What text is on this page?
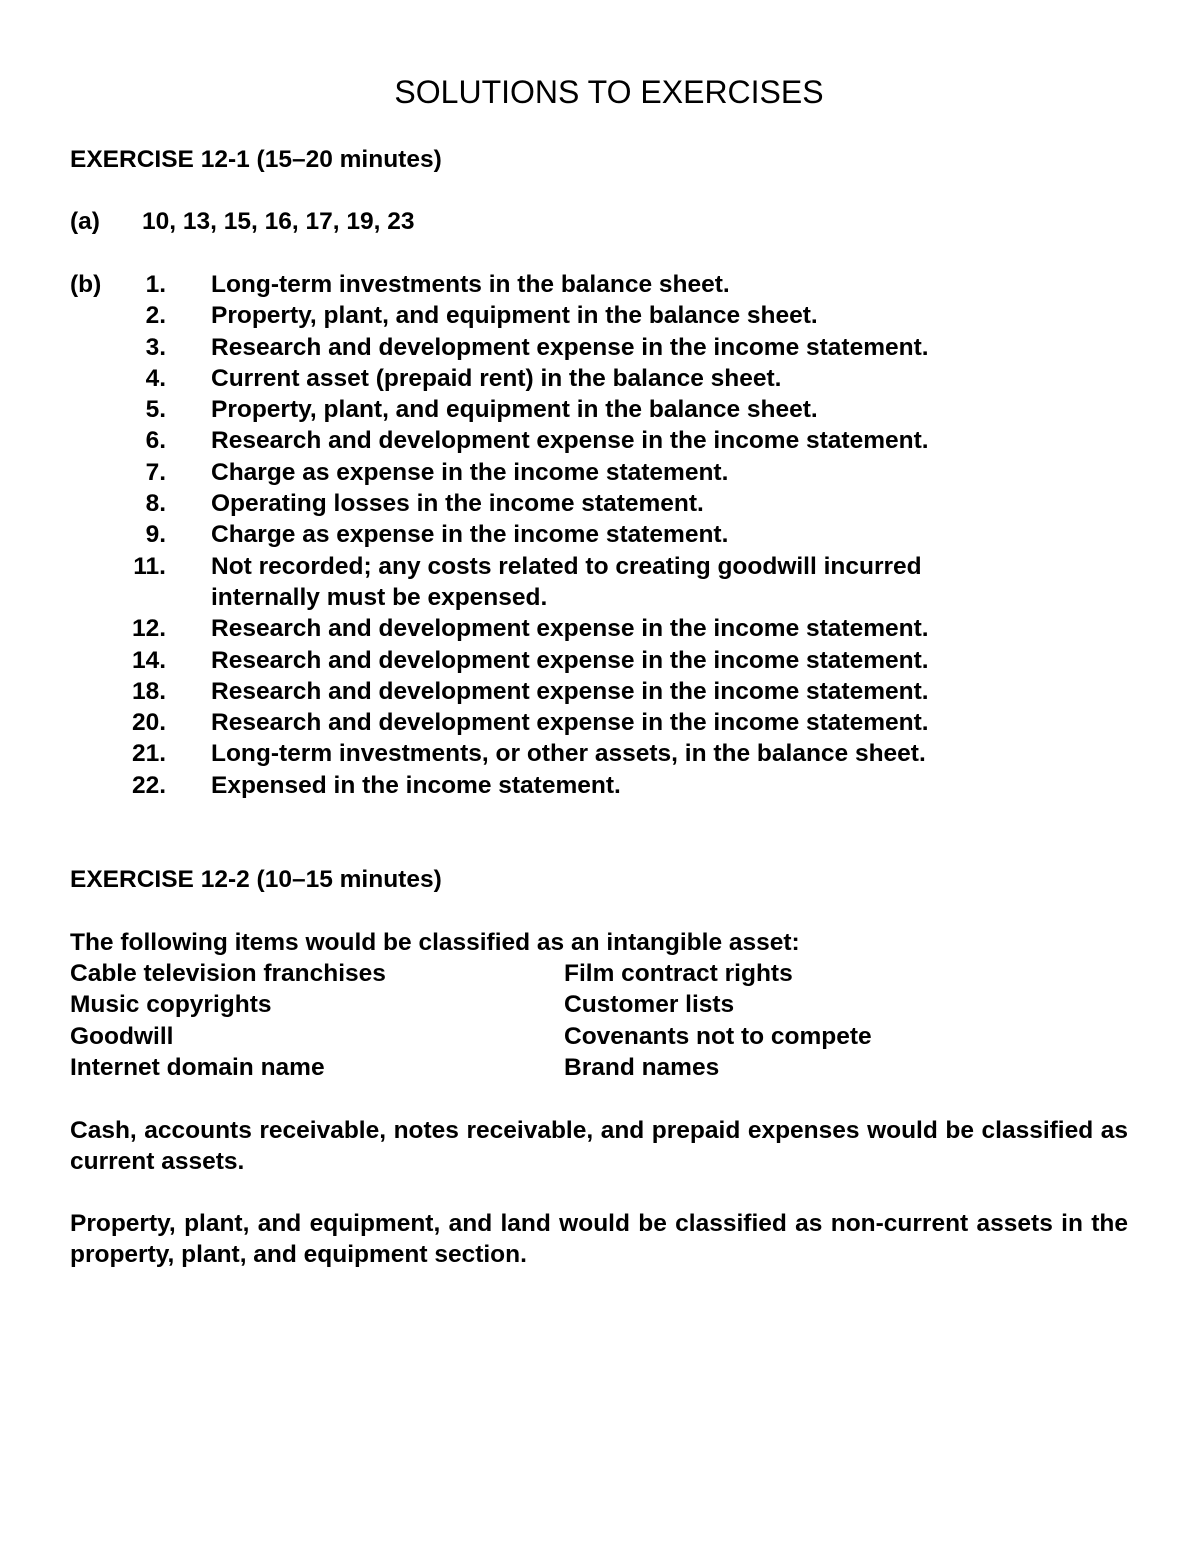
SOLUTIONS TO EXERCISES
EXERCISE 12-1 (15–20 minutes)
(a) 10, 13, 15, 16, 17, 19, 23
(b)	1. Long-term investments in the balance sheet.
2. Property, plant, and equipment in the balance sheet.
3. Research and development expense in the income statement.
4. Current asset (prepaid rent) in the balance sheet.
5. Property, plant, and equipment in the balance sheet.
6. Research and development expense in the income statement.
7. Charge as expense in the income statement.
8. Operating losses in the income statement.
9. Charge as expense in the income statement.
11. Not recorded; any costs related to creating goodwill incurred internally must be expensed.
12. Research and development expense in the income statement.
14. Research and development expense in the income statement.
18. Research and development expense in the income statement.
20. Research and development expense in the income statement.
21. Long-term investments, or other assets, in the balance sheet.
22. Expensed in the income statement.
EXERCISE 12-2 (10–15 minutes)

The following items would be classified as an intangible asset:

Cable television franchises	Film contract rights
Music copyrights	Customer lists
Goodwill	Covenants not to compete
Internet domain name	Brand names

Cash, accounts receivable, notes receivable, and prepaid expenses would be classified as current assets.

Property, plant, and equipment, and land would be classified as non-current assets in the property, plant, and equipment section.
